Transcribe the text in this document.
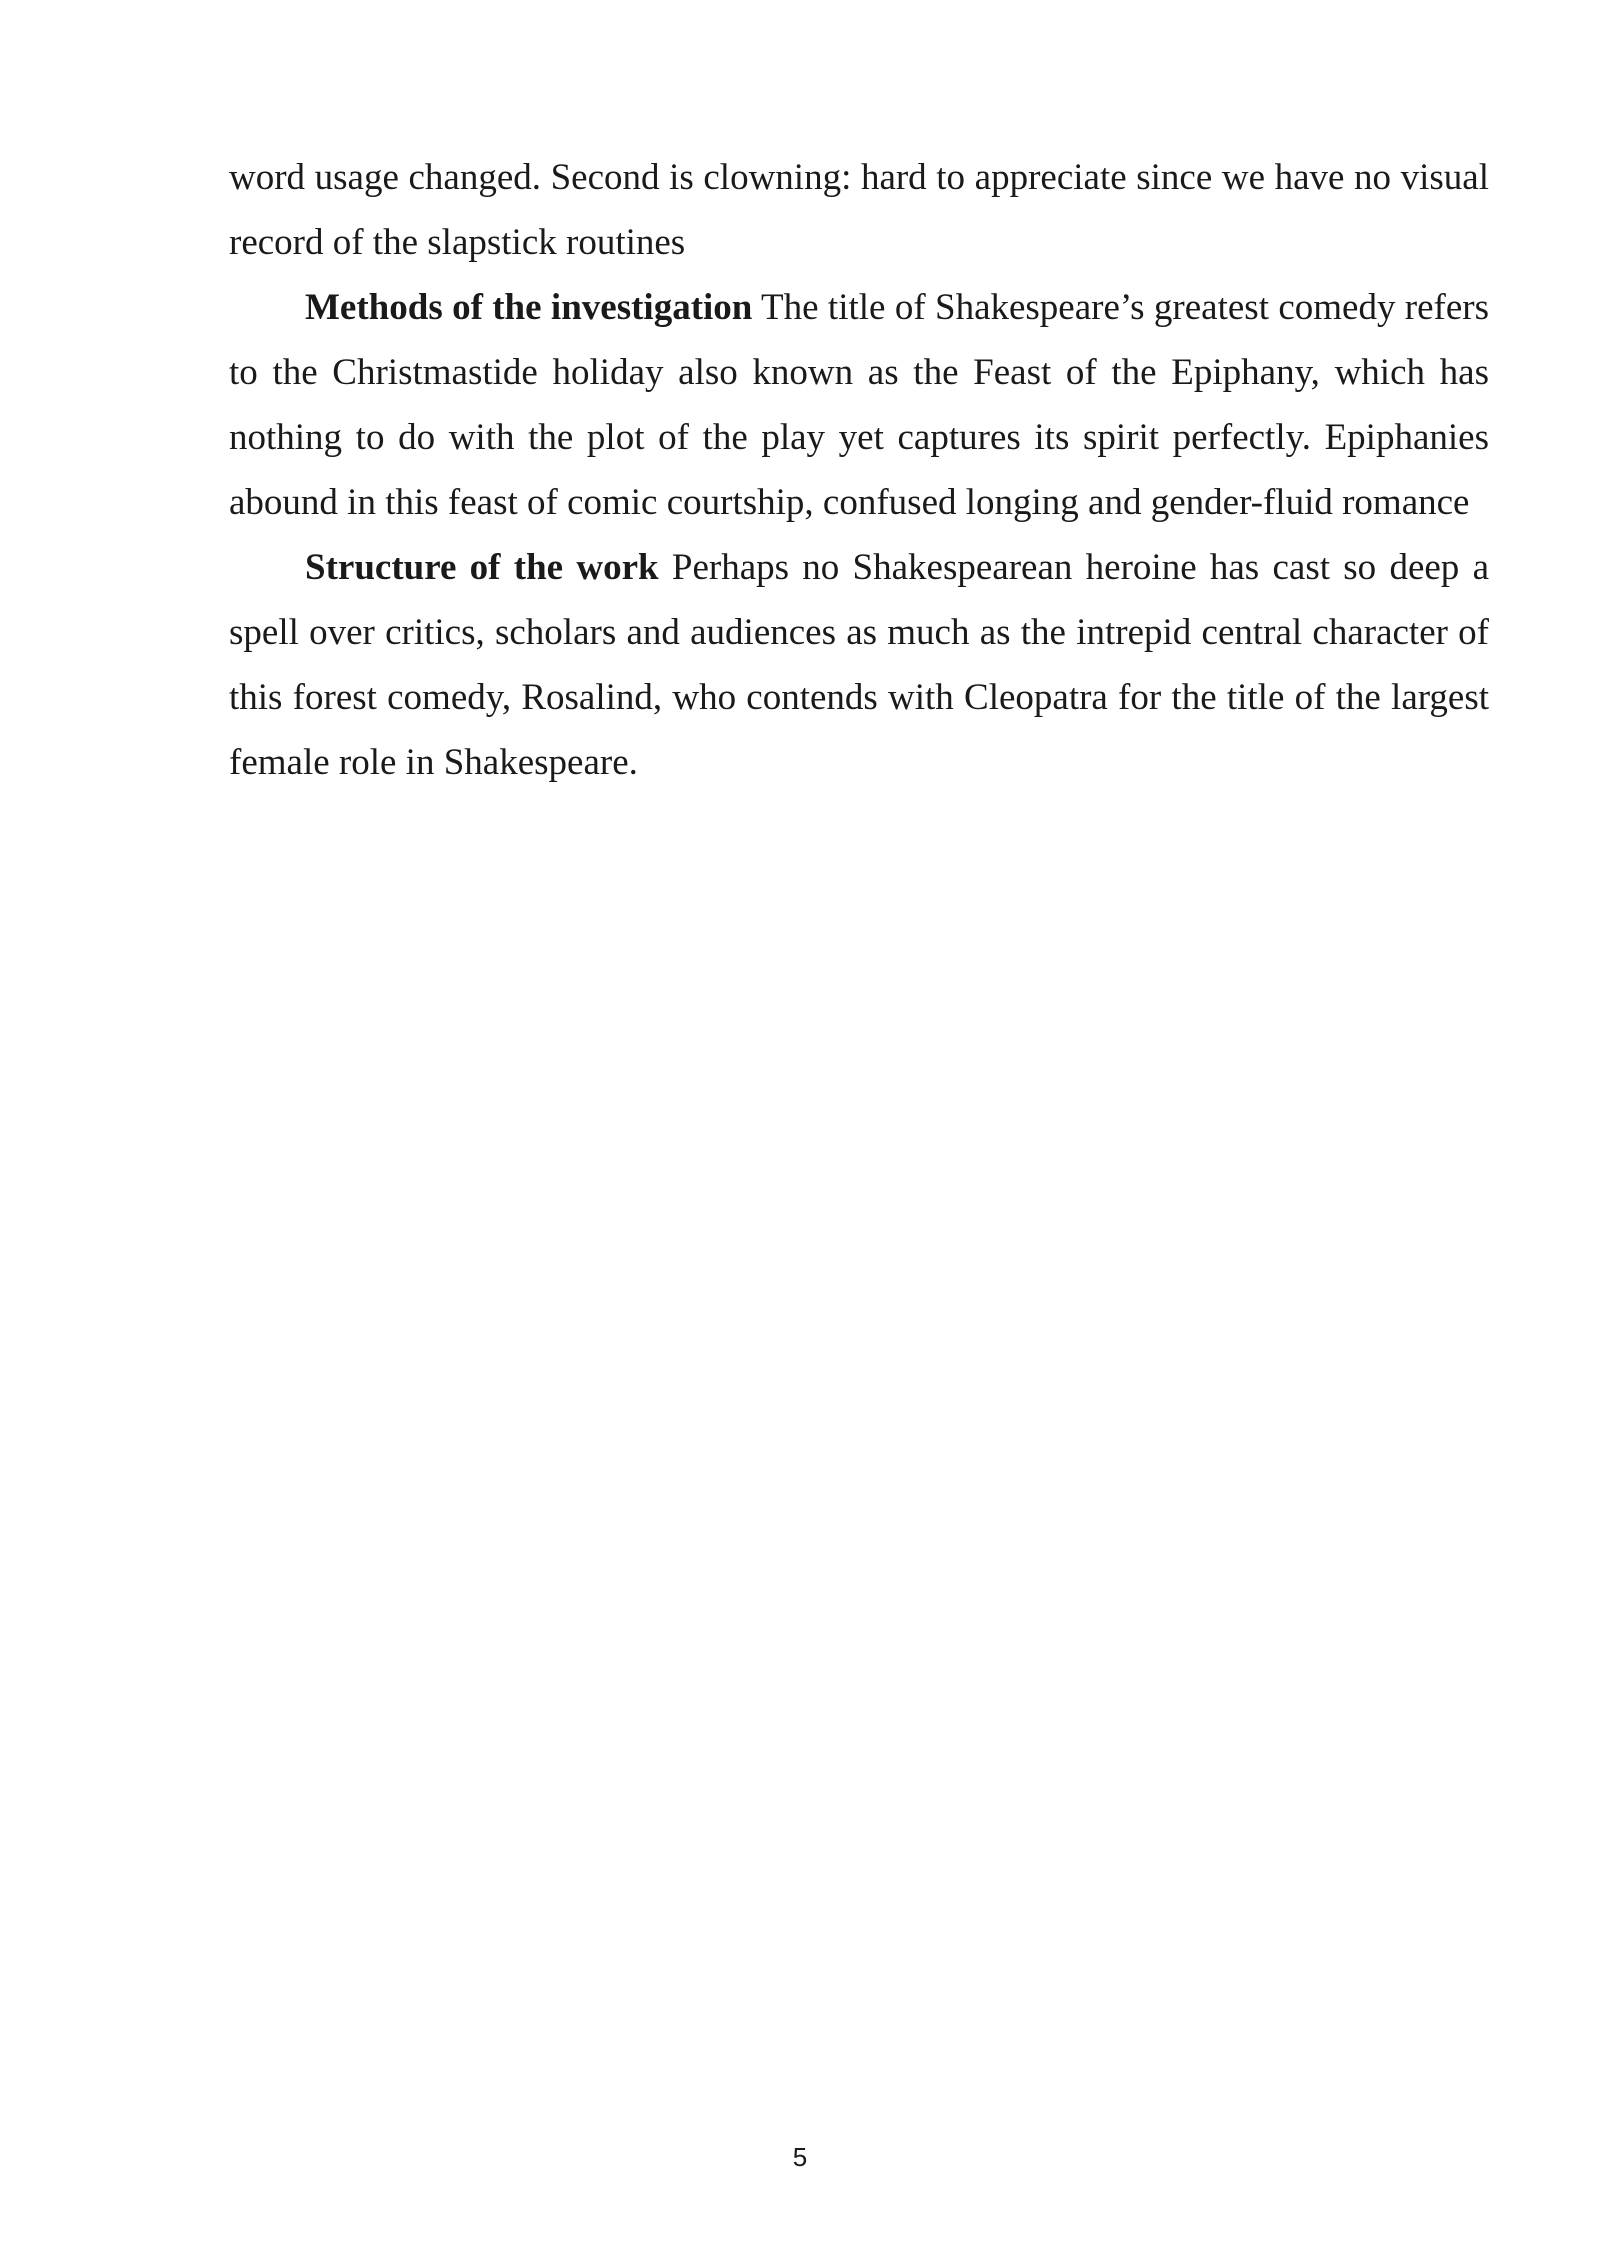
word usage changed. Second is clowning: hard to appreciate since we have no visual record of the slapstick routines

Methods of the investigation The title of Shakespeare’s greatest comedy refers to the Christmastide holiday also known as the Feast of the Epiphany, which has nothing to do with the plot of the play yet captures its spirit perfectly. Epiphanies abound in this feast of comic courtship, confused longing and gender-fluid romance

Structure of the work Perhaps no Shakespearean heroine has cast so deep a spell over critics, scholars and audiences as much as the intrepid central character of this forest comedy, Rosalind, who contends with Cleopatra for the title of the largest female role in Shakespeare.

5
